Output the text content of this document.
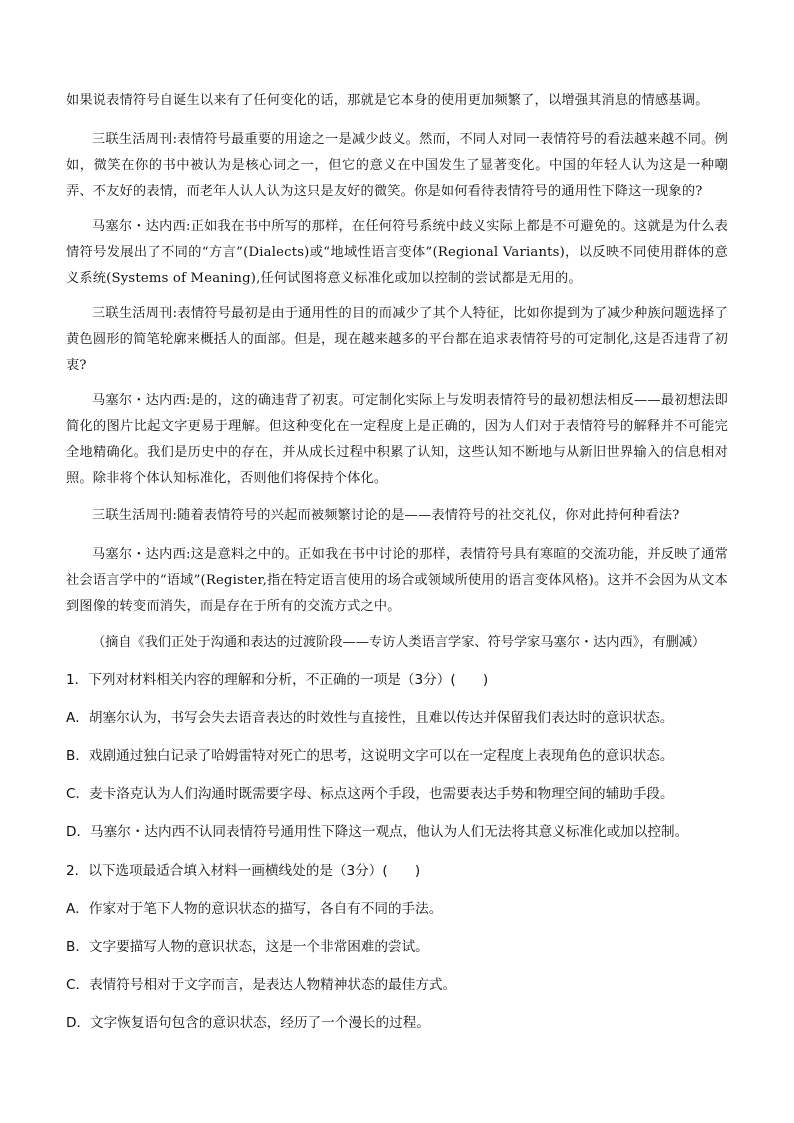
如果说表情符号自诞生以来有了任何变化的话，那就是它本身的使用更加频繁了，以增强其消息的情感基调。

三联生活周刊:表情符号最重要的用途之一是减少歧义。然而，不同人对同一表情符号的看法越来越不同。例如，微笑在你的书中被认为是核心词之一，但它的意义在中国发生了显著变化。中国的年轻人认为这是一种嘲弄、不友好的表情，而老年人认人认为这只是友好的微笑。你是如何看待表情符号的通用性下降这一现象的?

马塞尔・达内西:正如我在书中所写的那样，在任何符号系统中歧义实际上都是不可避免的。这就是为什么表情符号发展出了不同的“方言”(Dialects)或“地域性语言变体”(Regional Variants)，以反映不同使用群体的意义系统(Systems of Meaning),任何试图将意义标准化或加以控制的尝试都是无用的。

三联生活周刊:表情符号最初是由于通用性的目的而减少了其个人特征，比如你提到为了减少种族问题选择了黄色圆形的简笔轮廓来概括人的面部。但是，现在越来越多的平台都在追求表情符号的可定制化,这是否违背了初衷?

马塞尔・达内西:是的，这的确违背了初衷。可定制化实际上与发明表情符号的最初想法相反——最初想法即简化的图片比起文字更易于理解。但这种变化在一定程度上是正确的，因为人们对于表情符号的解释并不可能完全地精确化。我们是历史中的存在，并从成长过程中积累了认知，这些认知不断地与从新旧世界输入的信息相对照。除非将个体认知标准化，否则他们将保持个体化。

三联生活周刊:随着表情符号的兴起而被频繁讨论的是——表情符号的社交礼仪，你对此持何种看法?

马塞尔・达内西:这是意料之中的。正如我在书中讨论的那样，表情符号具有寒暄的交流功能，并反映了通常社会语言学中的“语域”(Register,指在特定语言使用的场合或领域所使用的语言变体风格)。这并不会因为从文本到图像的转变而消失，而是存在于所有的交流方式之中。

（摘自《我们正处于沟通和表达的过渡阶段——专访人类语言学家、符号学家马塞尔・达内西》，有删减）

1．下列对材料相关内容的理解和分析，不正确的一项是（3分）(　　)

A．胡塞尔认为，书写会失去语音表达的时效性与直接性，且难以传达并保留我们表达时的意识状态。

B．戏剧通过独白记录了哈姆雷特对死亡的思考，这说明文字可以在一定程度上表现角色的意识状态。

C．麦卡洛克认为人们沟通时既需要字母、标点这两个手段，也需要表达手势和物理空间的辅助手段。

D．马塞尔・达内西不认同表情符号通用性下降这一观点，他认为人们无法将其意义标准化或加以控制。

2．以下选项最适合填入材料一画横线处的是（3分）(　　)

A．作家对于笔下人物的意识状态的描写，各自有不同的手法。

B．文字要描写人物的意识状态，这是一个非常困难的尝试。

C．表情符号相对于文字而言，是表达人物精神状态的最佳方式。

D．文字恢复语句包含的意识状态，经历了一个漫长的过程。
